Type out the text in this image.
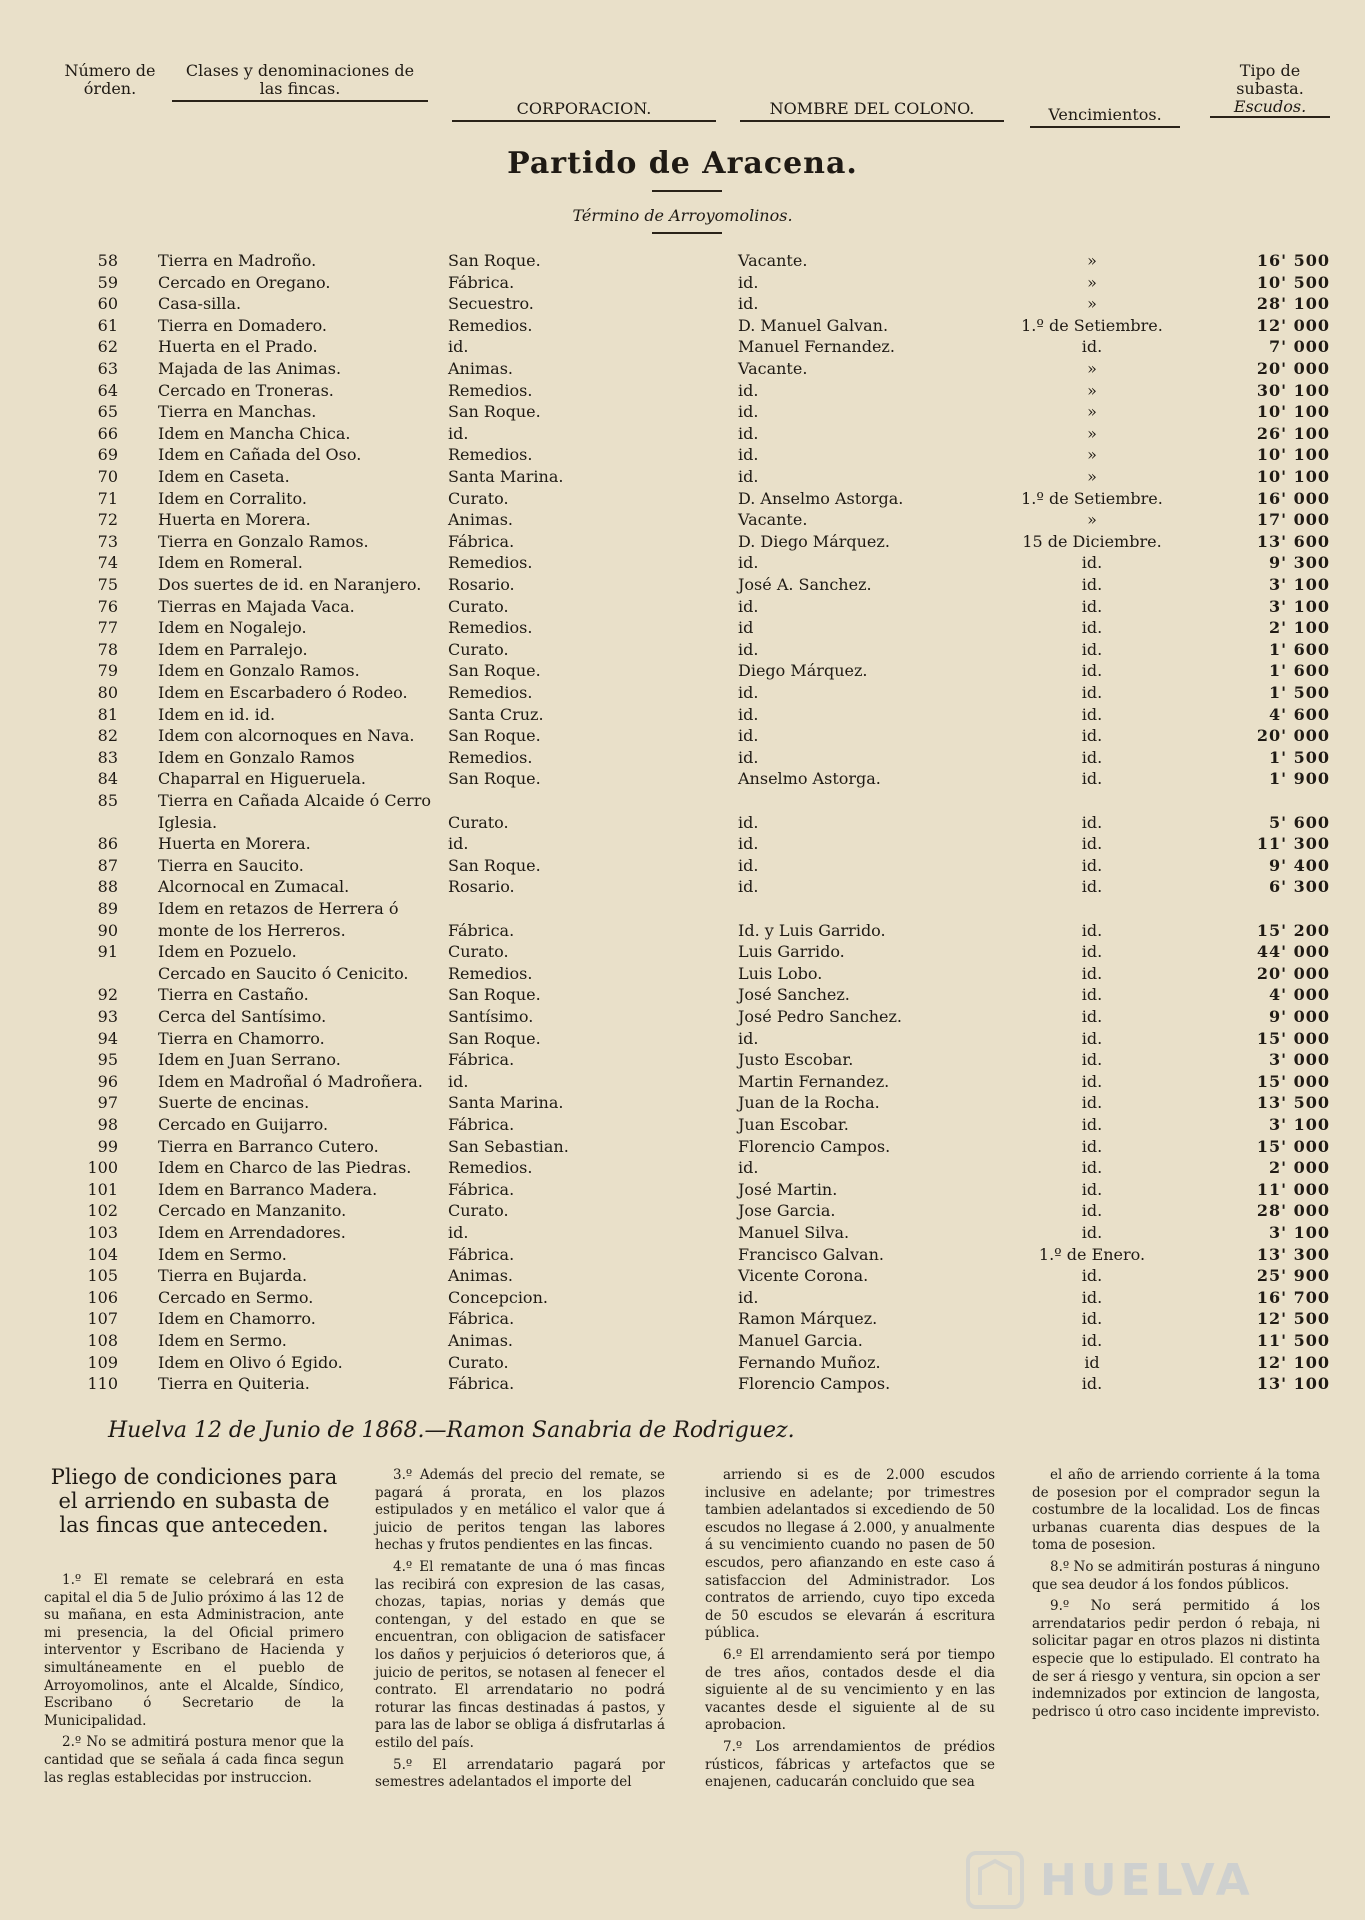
Número de órden.
Clases y denominaciones de las fincas.
CORPORACION.	NOMBRE DEL COLONO.	Vencimientos.
Tipo de subasta.
Escudos.
Partido de Aracena.
Término de Arroyomolinos.
58	Tierra en Madroño.	San Roque.	Vacante.	»	16' 500
59	Cercado en Oregano.	Fábrica.	id.	»	10' 500
60	Casa-silla.	Secuestro.	id.	»	28' 100
61	Tierra en Domadero.	Remedios.	D. Manuel Galvan.	1.º de Setiembre.	12' 000
62	Huerta en el Prado.	id.	Manuel Fernandez.	id.	7' 000
63	Majada de las Animas.	Animas.	Vacante.	»	20' 000
64	Cercado en Troneras.	Remedios.	id.	»	30' 100
65	Tierra en Manchas.	San Roque.	id.	»	10' 100
66	Idem en Mancha Chica.	id.	id.	»	26' 100
69	Idem en Cañada del Oso.	Remedios.	id.	»	10' 100
70	Idem en Caseta.	Santa Marina.	id.	»	10' 100
71	Idem en Corralito.	Curato.	D. Anselmo Astorga.	1.º de Setiembre.	16' 000
72	Huerta en Morera.	Animas.	Vacante.	»	17' 000
73	Tierra en Gonzalo Ramos.	Fábrica.	D. Diego Márquez.	15 de Diciembre.	13' 600
74	Idem en Romeral.	Remedios.	id.	id.	9' 300
75	Dos suertes de id. en Naranjero. Rosario.	José A. Sanchez.	id.	3' 100
76	Tierras en Majada Vaca.	Curato.	id.	id.	3' 100
77	Idem en Nogalejo.	Remedios.	id	id.	2' 100
78	Idem en Parralejo.	Curato.	id.	id.	1' 600
79	Idem en Gonzalo Ramos.	San Roque.	Diego Márquez.	id.	1' 600
80	Idem en Escarbadero ó Rodeo.	Remedios.	id.	id.	1' 500
81	Idem en id. id.	Santa Cruz.	id.	id.	4' 600
82	Idem con alcornoques en Nava. San Roque.	id.	id.	20' 000
83	Idem en Gonzalo Ramos	Remedios.	id.	id.	1' 500
84	Chaparral en Higueruela.	San Roque.	Anselmo Astorga.	id.	1' 900
85	Tierra en Cañada Alcaide ó Cerro
Iglesia.	Curato.	id.	id.	5' 600
86	Huerta en Morera.	id.	id.	id.	11' 300
87	Tierra en Saucito.	San Roque.	id.	id.	9' 400
88	Alcornocal en Zumacal.	Rosario.	id.	id.	6' 300
89	Idem en retazos de Herrera ó
90	monte de los Herreros.	Fábrica.	Id. y Luis Garrido.	id.	15' 200
91	Idem en Pozuelo.	Curato.	Luis Garrido.	id.	44' 000
Cercado en Saucito ó Cenicito. Remedios.	Luis Lobo.	id.	20' 000
92	Tierra en Castaño.	San Roque.	José Sanchez.	id.	4' 000
93	Cerca del Santísimo.	Santísimo.	José Pedro Sanchez.	id.	9' 000
94	Tierra en Chamorro.	San Roque.	id.	id.	15' 000
95	Idem en Juan Serrano.	Fábrica.	Justo Escobar.	id.	3' 000
96	Idem en Madroñal ó Madroñera. id.	Martin Fernandez.	id.	15' 000
97	Suerte de encinas.	Santa Marina.	Juan de la Rocha.	id.	13' 500
98	Cercado en Guijarro.	Fábrica.	Juan Escobar.	id.	3' 100
99	Tierra en Barranco Cutero.	San Sebastian.	Florencio Campos.	id.	15' 000
100	Idem en Charco de las Piedras. Remedios.	id.	id.	2' 000
101	Idem en Barranco Madera.	Fábrica.	José Martin.	id.	11' 000
102	Cercado en Manzanito.	Curato.	Jose Garcia.	id.	28' 000
103	Idem en Arrendadores.	id.	Manuel Silva.	id.	3' 100
104	Idem en Sermo.	Fábrica.	Francisco Galvan.	1.º de Enero.	13' 300
105	Tierra en Bujarda.	Animas.	Vicente Corona.	id.	25' 900
106	Cercado en Sermo.	Concepcion.	id.	id.	16' 700
107	Idem en Chamorro.	Fábrica.	Ramon Márquez.	id.	12' 500
108	Idem en Sermo.	Animas.	Manuel Garcia.	id.	11' 500
109	Idem en Olivo ó Egido.	Curato.	Fernando Muñoz.	id	12' 100
110	Tierra en Quiteria.	Fábrica.	Florencio Campos.	id.	13' 100
Huelva 12 de Junio de 1868.—Ramon Sanabria de Rodriguez.
Pliego de condiciones para el arriendo en subasta de las fincas que anteceden.

1.º El remate se celebrará en esta capital el dia 5 de Julio próximo á las 12 de su mañana, en esta Administracion, ante mi presencia, la del Oficial primero interventor y Escribano de Hacienda y simultáneamente en el pueblo de Arroyomolinos, ante el Alcalde, Síndico, Escribano ó Secretario de la Municipalidad.

2.º No se admitirá postura menor que la cantidad que se señala á cada finca segun las reglas establecidas por instruccion.

3.º Además del precio del remate, se pagará á prorata, en los plazos estipulados y en metálico el valor que á juicio de peritos tengan las labores hechas y frutos pendientes en las fincas.

4.º El rematante de una ó mas fincas las recibirá con expresion de las casas, chozas, tapias, norias y demás que contengan, y del estado en que se encuentran, con obligacion de satisfacer los daños y perjuicios ó deterioros que, á juicio de peritos, se notasen al fenecer el contrato. El arrendatario no podrá roturar las fincas destinadas á pastos, y para las de labor se obliga á disfrutarlas á estilo del país.

5.º El arrendatario pagará por semestres adelantados el importe del

arriendo si es de 2.000 escudos inclusive en adelante; por trimestres tambien adelantados si excediendo de 50 escudos no llegase á 2.000, y anualmente á su vencimiento cuando no pasen de 50 escudos, pero afianzando en este caso á satisfaccion del Administrador. Los contratos de arriendo, cuyo tipo exceda de 50 escudos se elevarán á escritura pública.

6.º El arrendamiento será por tiempo de tres años, contados desde el dia siguiente al de su vencimiento y en las vacantes desde el siguiente al de su aprobacion.

7.º Los arrendamientos de prédios rústicos, fábricas y artefactos que se enajenen, caducarán concluido que sea

el año de arriendo corriente á la toma de posesion por el comprador segun la costumbre de la localidad. Los de fincas urbanas cuarenta dias despues de la toma de posesion.

8.º No se admitirán posturas á ninguno que sea deudor á los fondos públicos.

9.º No será permitido á los arrendatarios pedir perdon ó rebaja, ni solicitar pagar en otros plazos ni distinta especie que lo estipulado. El contrato ha de ser á riesgo y ventura, sin opcion a ser indemnizados por extincion de langosta, pedrisco ú otro caso incidente imprevisto.

HUELVA
